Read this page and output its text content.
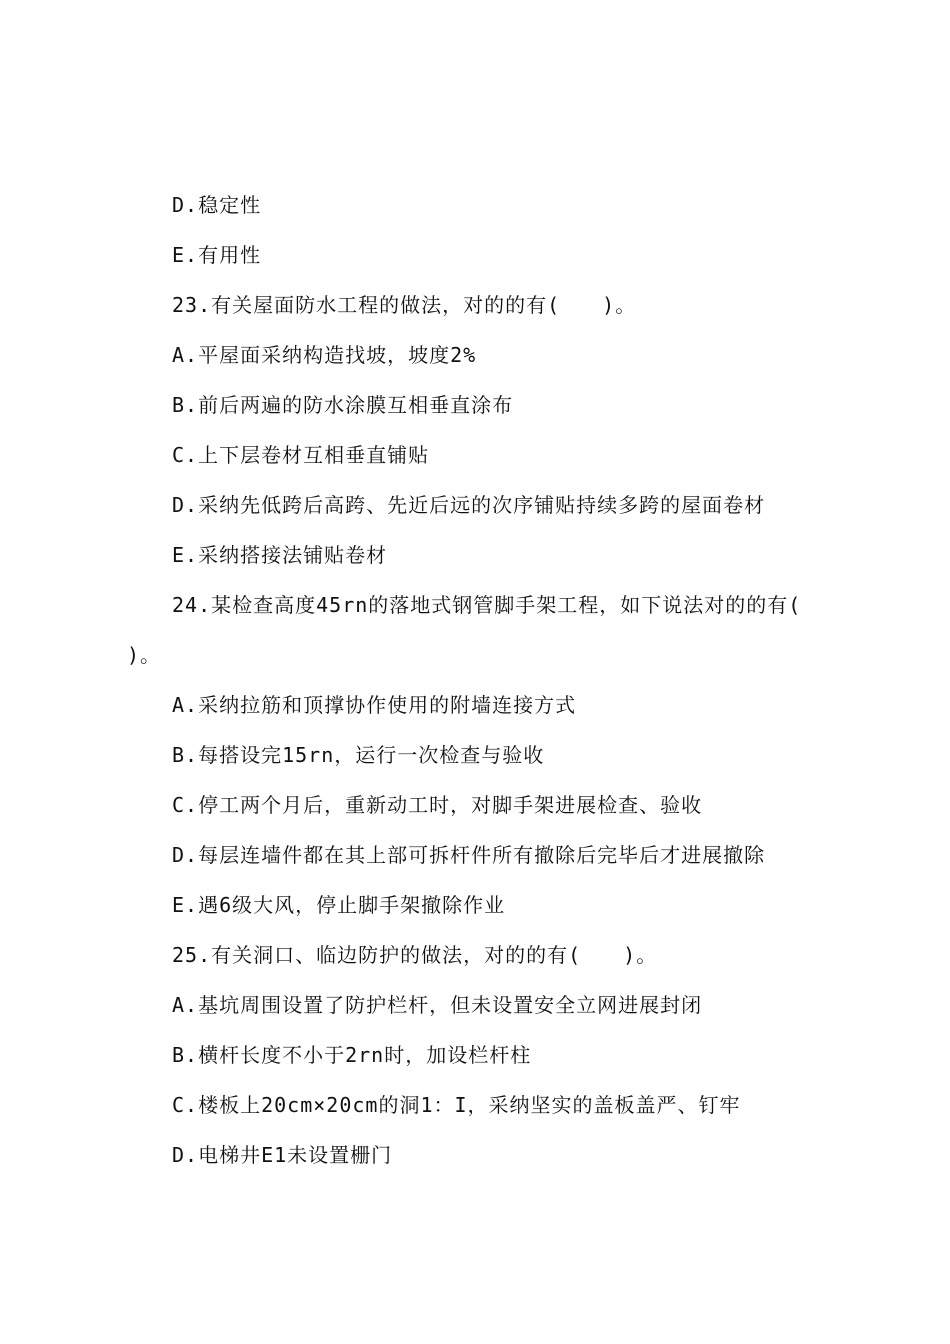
D.稳定性
E.有用性
23.有关屋面防水工程的做法，对的的有(　　)。
A.平屋面采纳构造找坡，坡度2%
B.前后两遍的防水涂膜互相垂直涂布
C.上下层卷材互相垂直铺贴
D.采纳先低跨后高跨、先近后远的次序铺贴持续多跨的屋面卷材
E.采纳搭接法铺贴卷材
24.某检查高度45rn的落地式钢管脚手架工程，如下说法对的的有(
)。
A.采纳拉筋和顶撑协作使用的附墙连接方式
B.每搭设完15rn，运行一次检查与验收
C.停工两个月后，重新动工时，对脚手架进展检查、验收
D.每层连墙件都在其上部可拆杆件所有撤除后完毕后才进展撤除
E.遇6级大风，停止脚手架撤除作业
25.有关洞口、临边防护的做法，对的的有(　　)。
A.基坑周围设置了防护栏杆，但未设置安全立网进展封闭
B.横杆长度不小于2rn时，加设栏杆柱
C.楼板上20cm×20cm的洞1：I，采纳坚实的盖板盖严、钉牢
D.电梯井E1未设置栅门
